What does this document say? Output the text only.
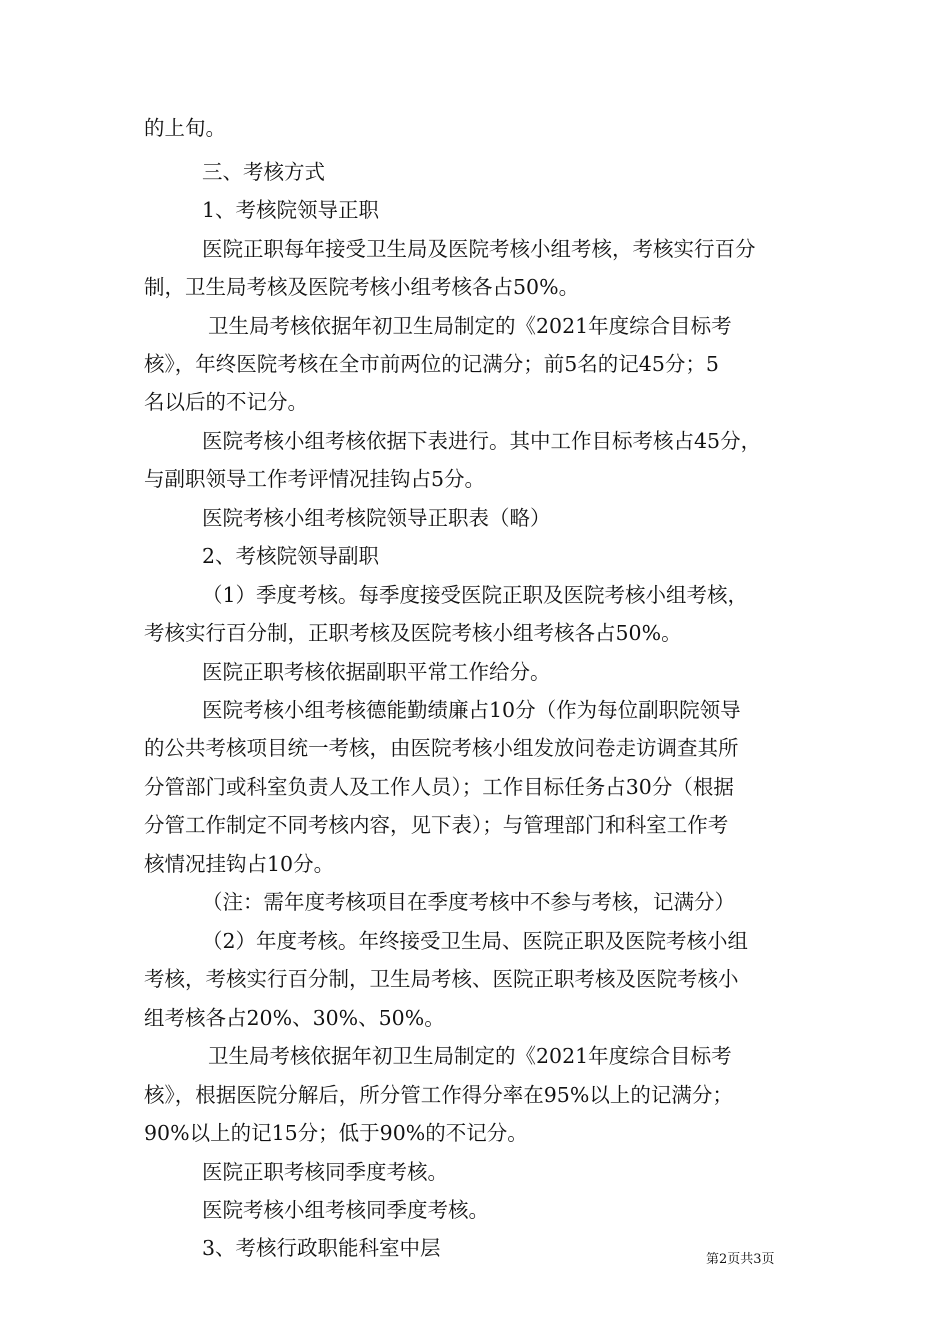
的上旬。
三、考核方式
1、考核院领导正职
医院正职每年接受卫生局及医院考核小组考核，考核实行百分
制，卫生局考核及医院考核小组考核各占50%。
卫生局考核依据年初卫生局制定的《2021年度综合目标考
核》，年终医院考核在全市前两位的记满分；前5名的记45分；5
名以后的不记分。
医院考核小组考核依据下表进行。其中工作目标考核占45分，
与副职领导工作考评情况挂钩占5分。
医院考核小组考核院领导正职表（略）
2、考核院领导副职
（1）季度考核。每季度接受医院正职及医院考核小组考核，
考核实行百分制，正职考核及医院考核小组考核各占50%。
医院正职考核依据副职平常工作给分。
医院考核小组考核德能勤绩廉占10分（作为每位副职院领导
的公共考核项目统一考核，由医院考核小组发放问卷走访调查其所
分管部门或科室负责人及工作人员）；工作目标任务占30分（根据
分管工作制定不同考核内容，见下表）；与管理部门和科室工作考
核情况挂钩占10分。
（注：需年度考核项目在季度考核中不参与考核，记满分）
（2）年度考核。年终接受卫生局、医院正职及医院考核小组
考核，考核实行百分制，卫生局考核、医院正职考核及医院考核小
组考核各占20%、30%、50%。
卫生局考核依据年初卫生局制定的《2021年度综合目标考
核》，根据医院分解后，所分管工作得分率在95%以上的记满分；
90%以上的记15分；低于90%的不记分。
医院正职考核同季度考核。
医院考核小组考核同季度考核。
3、考核行政职能科室中层	第2页共3页
